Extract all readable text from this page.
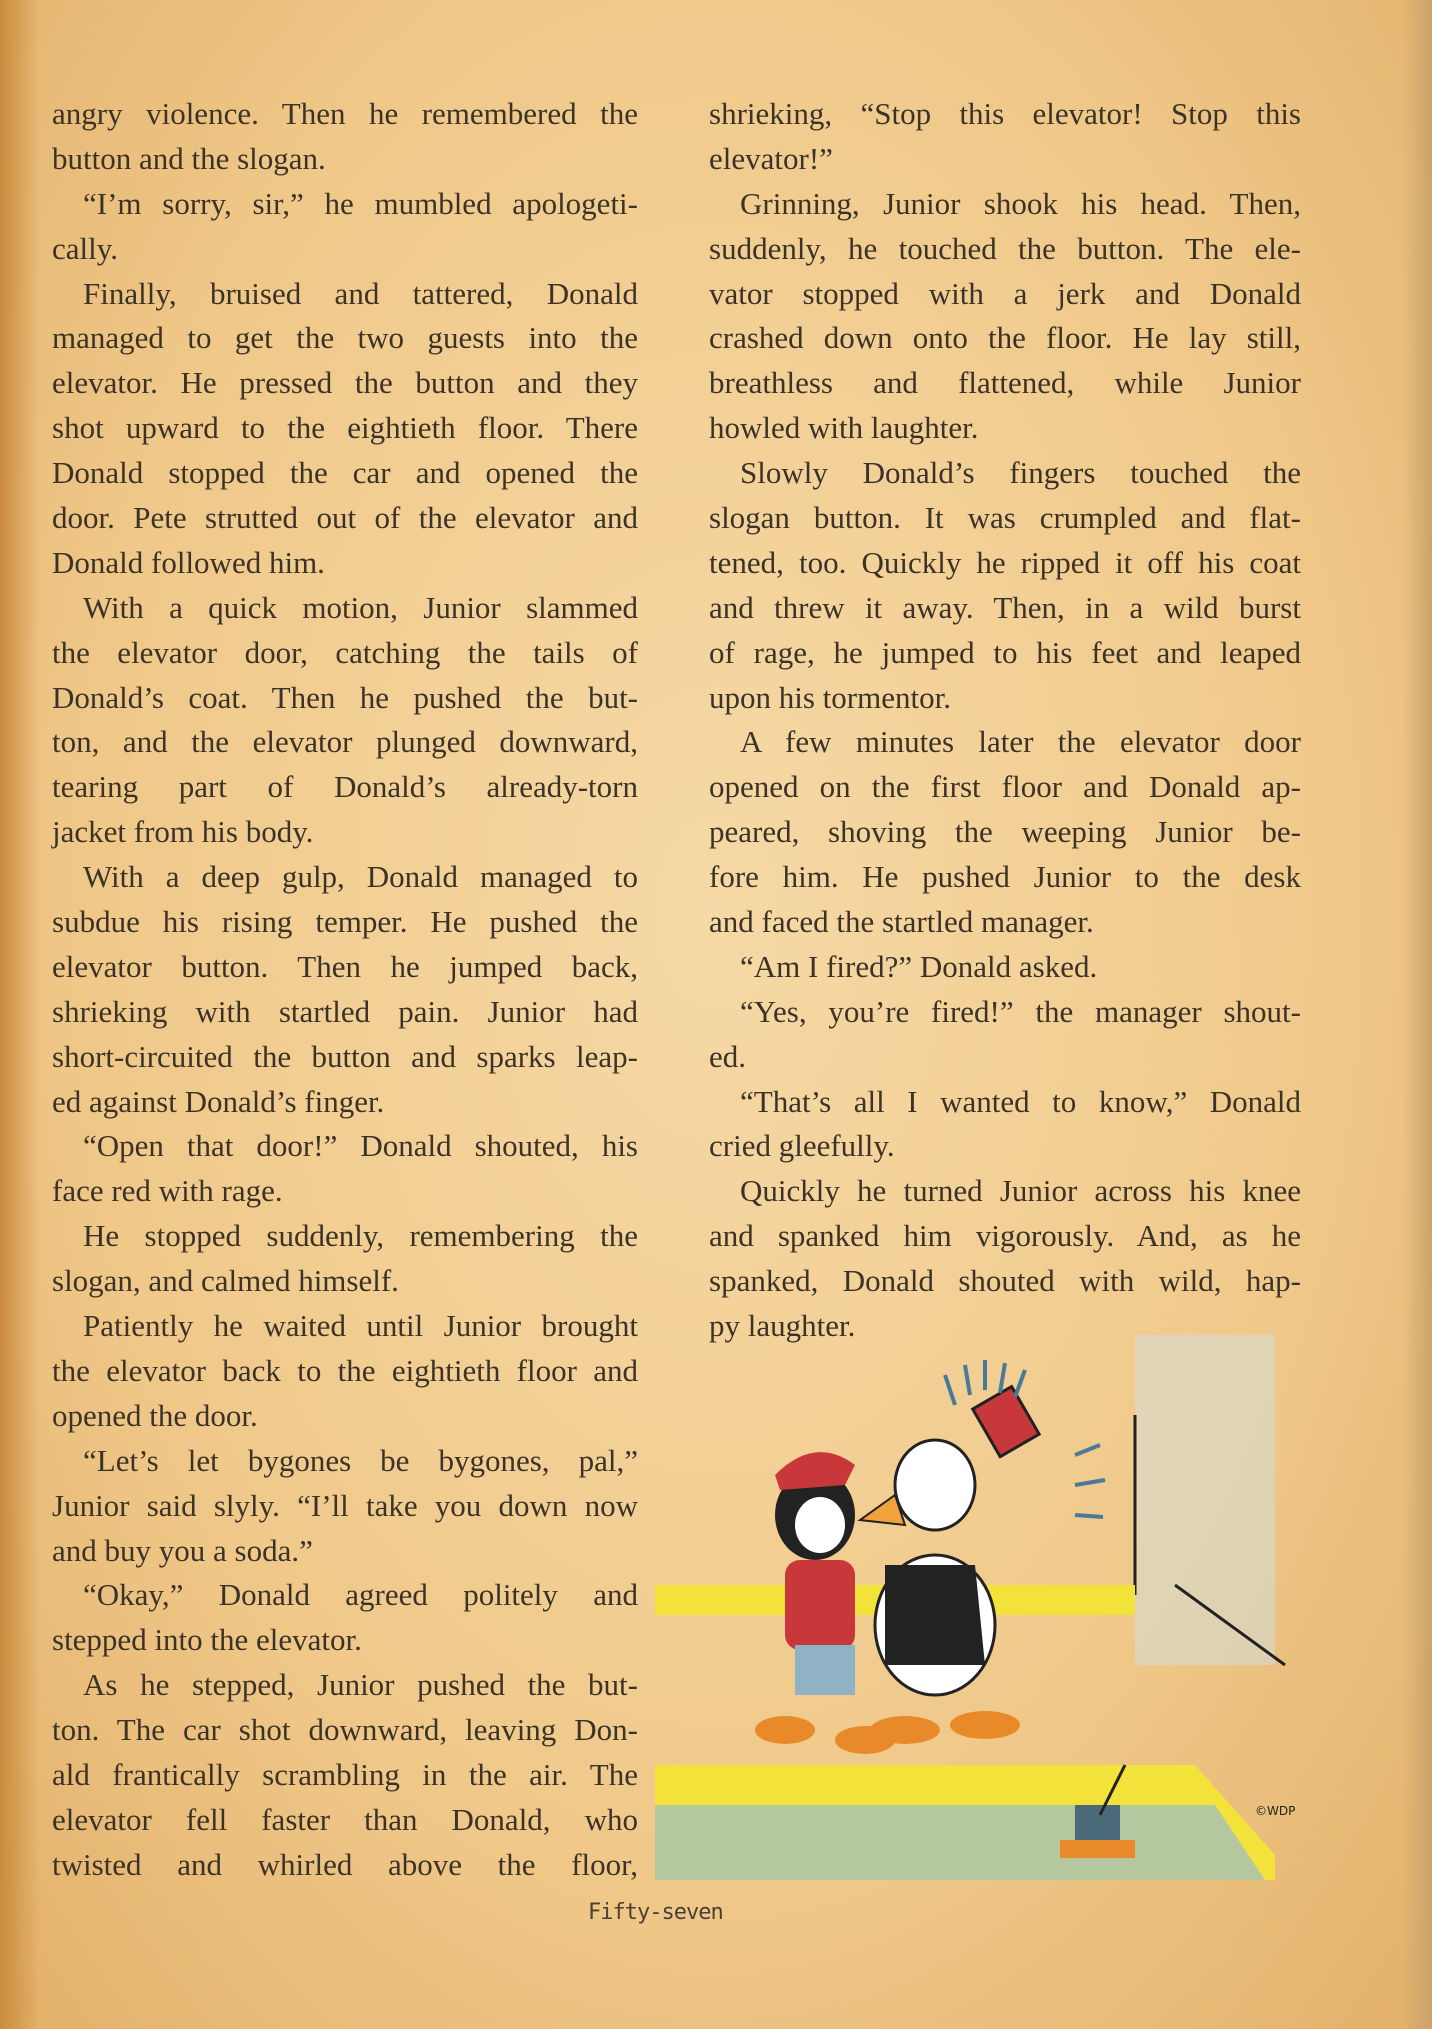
angry violence. Then he remembered the
button and the slogan.
“I’m sorry, sir,” he mumbled apologeti-
cally.
Finally, bruised and tattered, Donald
managed to get the two guests into the
elevator. He pressed the button and they
shot upward to the eightieth floor. There
Donald stopped the car and opened the
door. Pete strutted out of the elevator and
Donald followed him.
With a quick motion, Junior slammed
the elevator door, catching the tails of
Donald’s coat. Then he pushed the but-
ton, and the elevator plunged downward,
tearing part of Donald’s already-torn
jacket from his body.
With a deep gulp, Donald managed to
subdue his rising temper. He pushed the
elevator button. Then he jumped back,
shrieking with startled pain. Junior had
short-circuited the button and sparks leap-
ed against Donald’s finger.
“Open that door!” Donald shouted, his
face red with rage.
He stopped suddenly, remembering the
slogan, and calmed himself.
Patiently he waited until Junior brought
the elevator back to the eightieth floor and
opened the door.
“Let’s let bygones be bygones, pal,”
Junior said slyly. “I’ll take you down now
and buy you a soda.”
“Okay,” Donald agreed politely and
stepped into the elevator.
As he stepped, Junior pushed the but-
ton. The car shot downward, leaving Don-
ald frantically scrambling in the air. The
elevator fell faster than Donald, who
twisted and whirled above the floor,
shrieking, “Stop this elevator! Stop this
elevator!”
Grinning, Junior shook his head. Then,
suddenly, he touched the button. The ele-
vator stopped with a jerk and Donald
crashed down onto the floor. He lay still,
breathless and flattened, while Junior
howled with laughter.
Slowly Donald’s fingers touched the
slogan button. It was crumpled and flat-
tened, too. Quickly he ripped it off his coat
and threw it away. Then, in a wild burst
of rage, he jumped to his feet and leaped
upon his tormentor.
A few minutes later the elevator door
opened on the first floor and Donald ap-
peared, shoving the weeping Junior be-
fore him. He pushed Junior to the desk
and faced the startled manager.
“Am I fired?” Donald asked.
“Yes, you’re fired!” the manager shout-
ed.
“That’s all I wanted to know,” Donald
cried gleefully.
Quickly he turned Junior across his knee
and spanked him vigorously. And, as he
spanked, Donald shouted with wild, hap-
py laughter.
©WDP
Fifty-seven
